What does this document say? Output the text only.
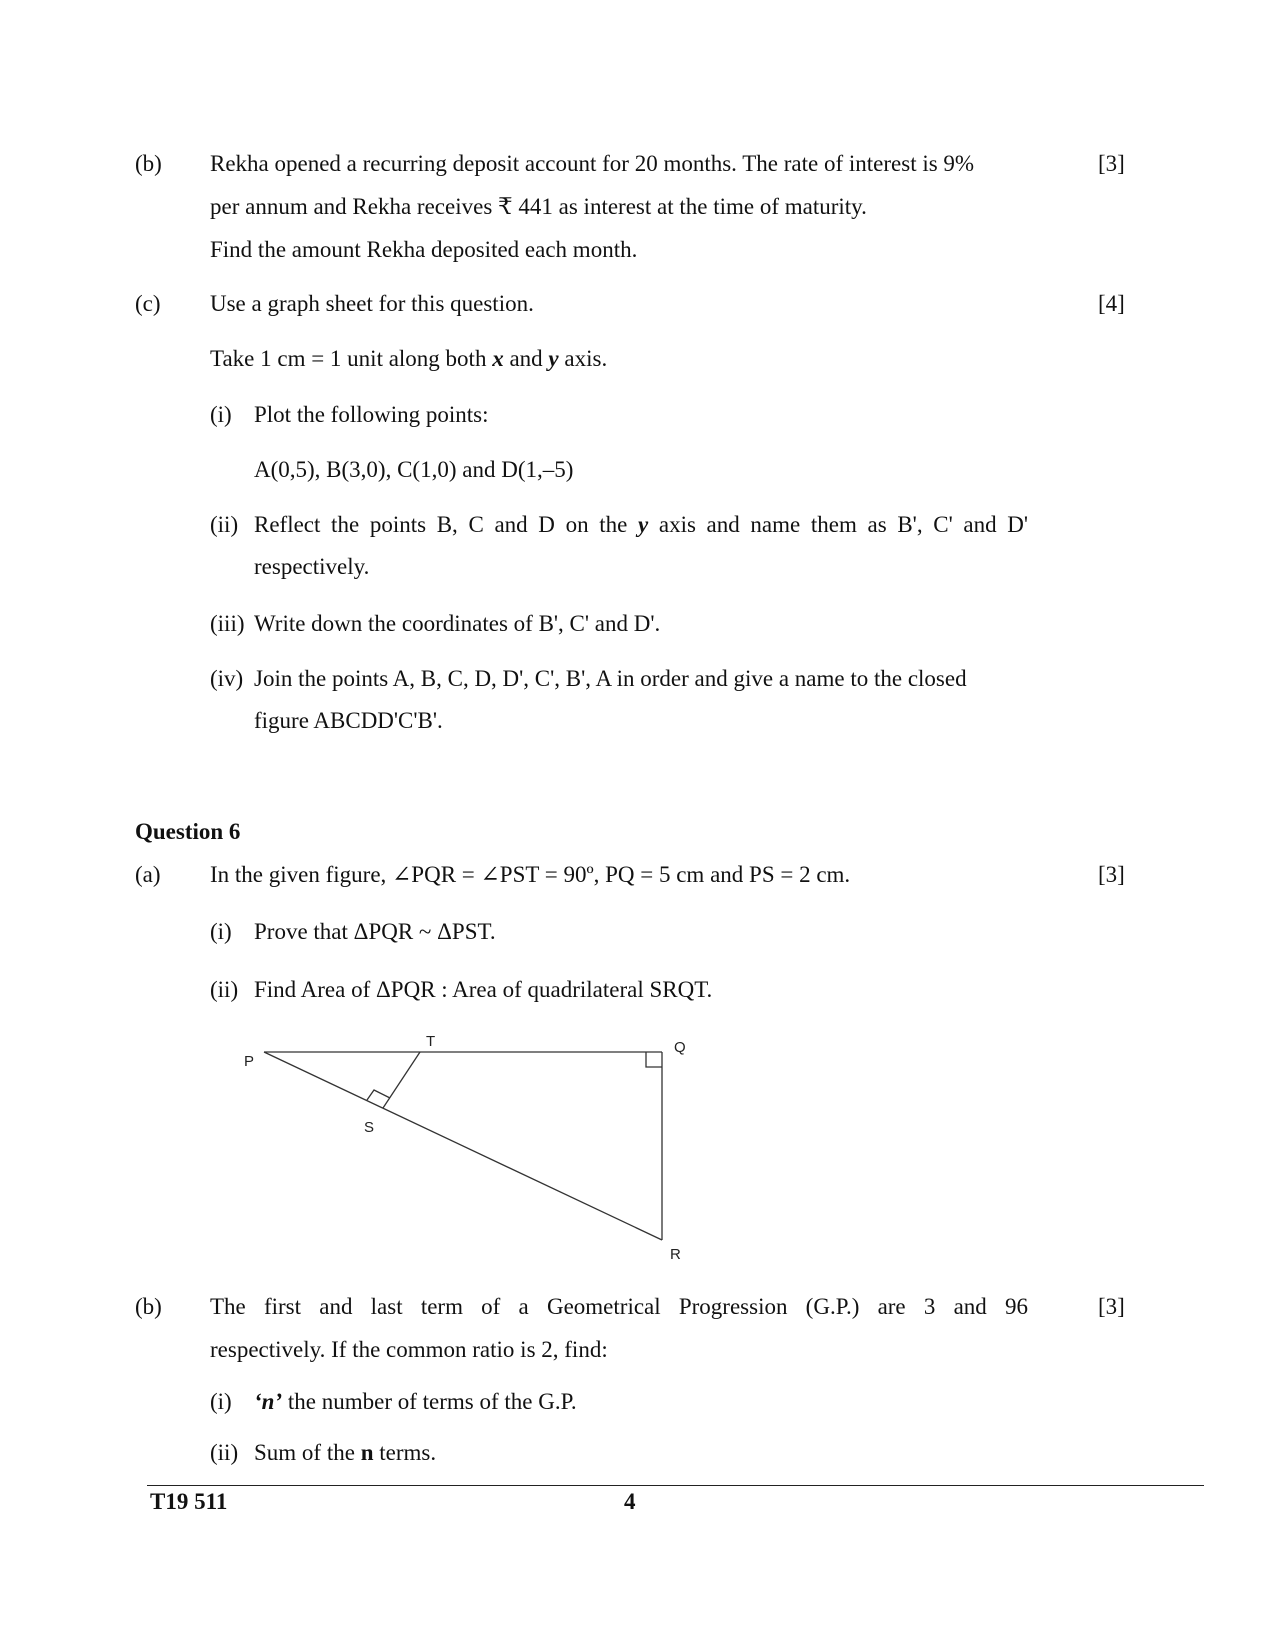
(b) Rekha opened a recurring deposit account for 20 months. The rate of interest is 9%	[3]
per annum and Rekha receives ₹ 441 as interest at the time of maturity.
Find the amount Rekha deposited each month.
(c) Use a graph sheet for this question.	[4]
Take 1 cm = 1 unit along both x and y axis.
(i) Plot the following points:
A(0,5), B(3,0), C(1,0) and D(1,–5)
(ii) Reflect the points B, C and D on the y axis and name them as B', C' and D'
respectively.
(iii) Write down the coordinates of B', C' and D'.
(iv) Join the points A, B, C, D, D', C', B', A in order and give a name to the closed
figure ABCDD'C'B'.
Question 6
(a) In the given figure, ∠PQR = ∠PST = 90º, PQ = 5 cm and PS = 2 cm.	[3]
(i) Prove that ΔPQR ~ ΔPST.
(ii) Find Area of ΔPQR : Area of quadrilateral SRQT.
P
T	Q
S
R
(b) The first and last term of a Geometrical Progression (G.P.) are 3 and 96	[3]
respectively. If the common ratio is 2, find:
(i) ‘n’ the number of terms of the G.P.
(ii) Sum of the n terms.
T19 511	4
